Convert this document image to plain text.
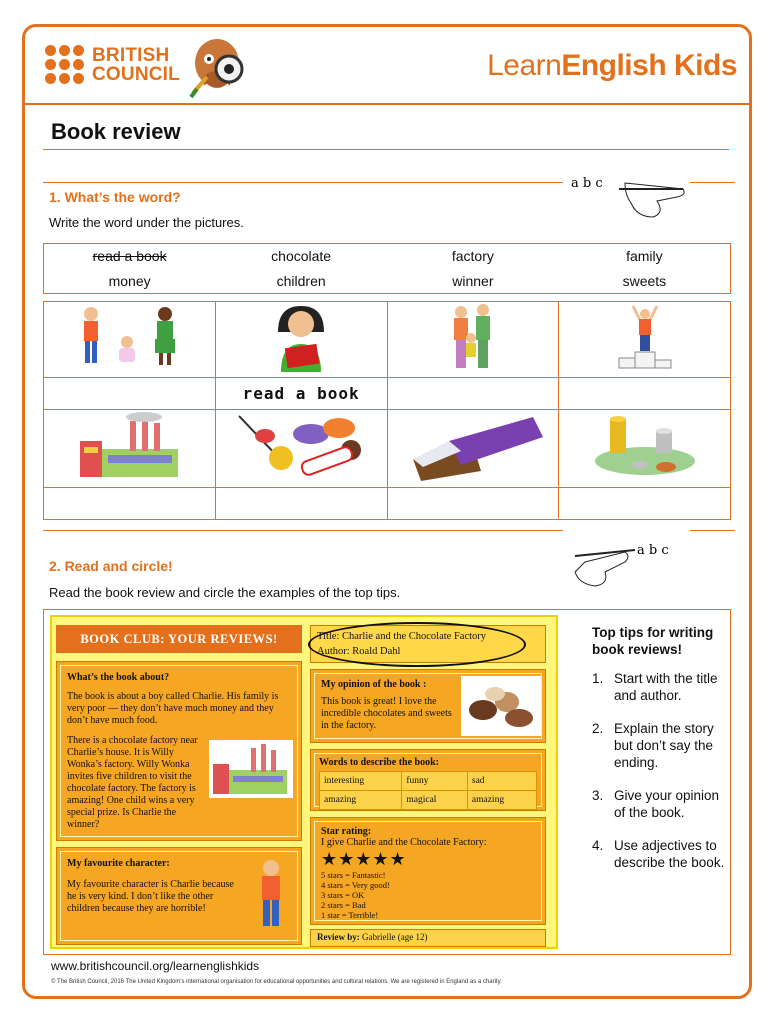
BRITISH
COUNCIL	LearnEnglish Kids
Book review
1. What’s the word?
Write the word under the pictures.
a b c
read a book	chocolate	factory	family
money	children	winner	sweets

	read a book		

2. Read and circle!
Read the book review and circle the examples of the top tips.
a b c
BOOK CLUB: YOUR REVIEWS!	Title: Charlie and the Chocolate Factory
Author: Roald Dahl
What’s the book about?
The book is about a boy called Charlie. His family is very poor — they don’t have much money and they don’t have much food.
There is a chocolate factory near Charlie’s house. It is Willy Wonka’s factory. Willy Wonka invites five children to visit the chocolate factory. The factory is amazing! One child wins a very special prize. Is Charlie the winner?
My favourite character:
My favourite character is Charlie because he is very kind. I don’t like the other children because they are horrible!
My opinion of the book :
This book is great! I love the incredible chocolates and sweets in the factory.
Words to describe the book:
interesting	funny	sad
amazing	magical	amazing
Star rating:
I give Charlie and the Chocolate Factory:
★★★★★
5 stars = Fantastic!
4 stars = Very good!
3 stars = OK
2 stars = Bad
1 star = Terrible!
Review by: Gabrielle (age 12)
Top tips for writing book reviews!
1. Start with the title and author.
2. Explain the story but don’t say the ending.
3. Give your opinion of the book.
4. Use adjectives to describe the book.
www.britishcouncil.org/learnenglishkids
© The British Council, 2016 The United Kingdom’s international organisation for educational opportunities and cultural relations. We are registered in England as a charity.
